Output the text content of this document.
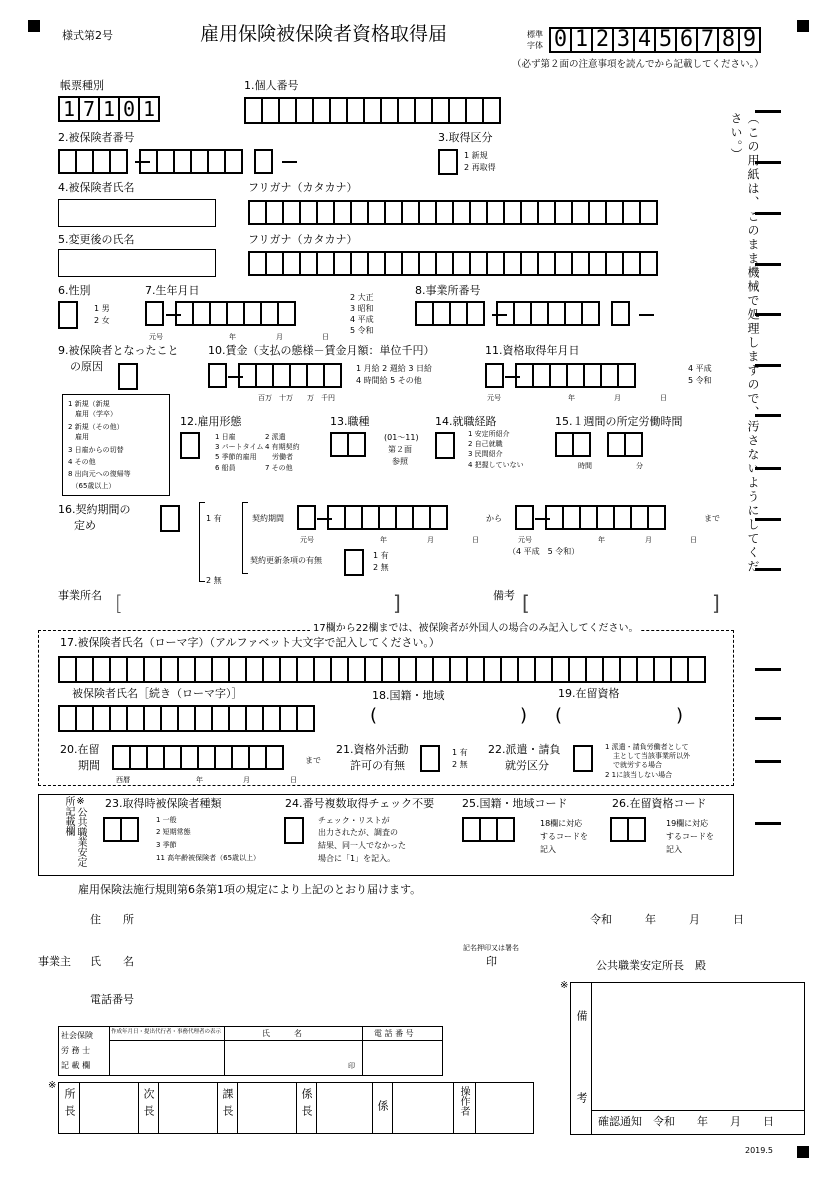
様式第2号	雇用保険被保険者資格取得届	標準
字体 0 1 2 3 4 5 6 7 8 9
（必ず第２面の注意事項を読んでから記載してください。）
（この用紙は、このまま機械で処理しますので、汚さないようにしてください。）
帳票種別
1 7 1 0 1
1.個人番号
2.被保険者番号	3.取得区分
1 新規
2 再取得
4.被保険者氏名	フリガナ（カタカナ）
5.変更後の氏名	フリガナ（カタカナ）
6.性別
1 男
2 女
7.生年月日
元号	年	月	日
2 大正
3 昭和
4 平成
5 令和
8.事業所番号
9.被保険者となったこと
の原因
1 新規（新規
　雇用（学卒）
2 新規（その他）
　雇用
3 日雇からの切替
4 その他
8 出向元への復帰等
　（65歳以上）
10.賃金（支払の態様－賃金月額：単位千円）
百万　十万　　万　千円
1 月給 2 週給 3 日給
4 時間給 5 その他
11.資格取得年月日
元号	年	月	日
4 平成
5 令和
12.雇用形態
1 日雇	2 派遣
3 パートタイム 4 有期契約
5 季節的雇用 　労働者
6 船員	7 その他
13.職種
(01～11)
第２面
参照
14.就職経路
1 安定所紹介
2 自己就職
3 民間紹介
4 把握していない
15.１週間の所定労働時間
時間	分
16.契約期間の
定め
1 有
2 無
契約期間	から	まで
元号	年	月	日	元号	年	月	日
（4 平成　5 令和）
契約更新条項の有無
1 有
2 無
事業所名 [	]	備考 [	]
17欄から22欄までは、被保険者が外国人の場合のみ記入してください。
17.被保険者氏名（ローマ字）（アルファベット大文字で記入してください。）
被保険者氏名［続き（ローマ字）］	18.国籍・地域
(	)
19.在留資格
(	)
20.在留
期間
西暦	年	月	日
まで
21.資格外活動
許可の有無
1 有
2 無
22.派遣・請負
就労区分
1 派遣・請負労働者として
主として当該事業所以外
で就労する場合
2 1に該当しない場合
※公共職業安定所記載欄	23.取得時被保険者種類
1 一般
2 短期常態
3 季節
11 高年齢被保険者（65歳以上）
24.番号複数取得チェック不要
チェック・リストが
出力されたが、調査の
結果、同一人でなかった
場合に「1」を記入。
25.国籍・地域コード
18欄に対応
するコードを
記入
26.在留資格コード
19欄に対応
するコードを
記入
雇用保険法施行規則第6条第1項の規定により上記のとおり届けます。
住　　所	令和　　　年　　　月　　　日
事業主 氏　　名
記名押印又は署名
印	公共職業安定所長　殿
電話番号
社会保険
労 務 士
記 載 欄
作成年月日・提出代行者・事務代理者の表示	氏　　　名	電 話 番 号
印
※
所長	次長	課長	係長	係	操作者
※
備　考 確認通知　令和　　年　　月　　日
2019.5
